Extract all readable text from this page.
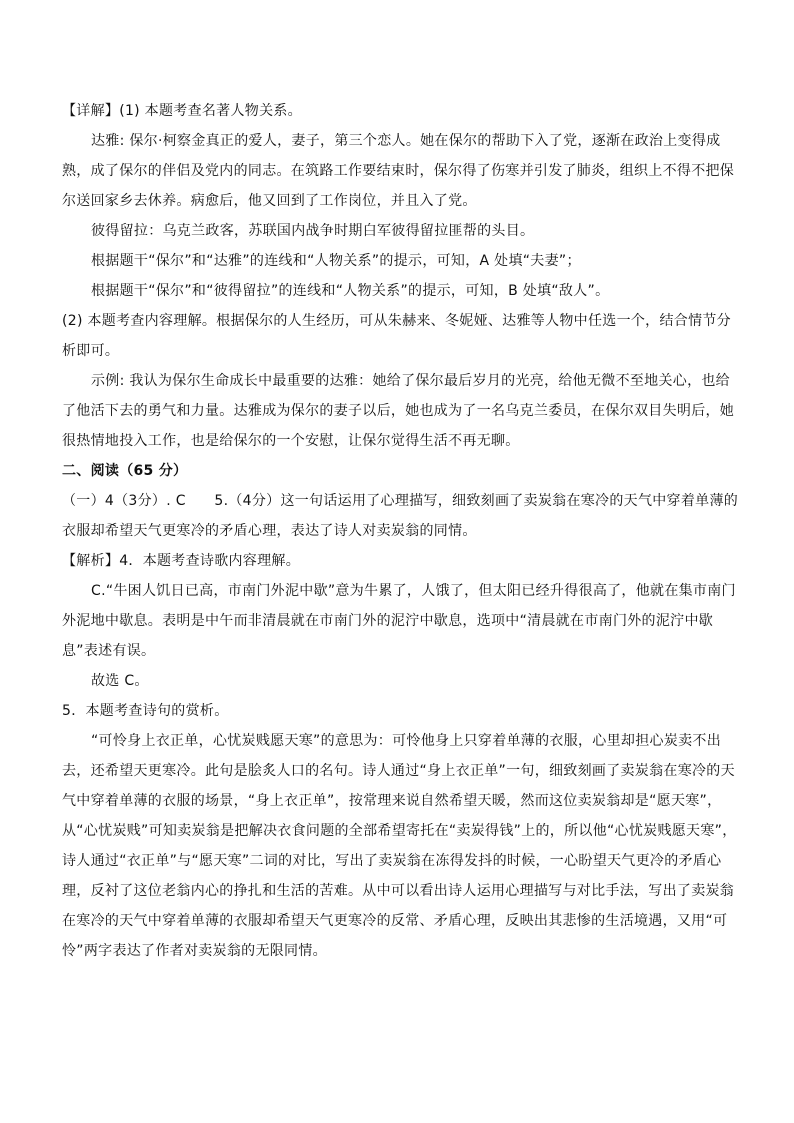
【详解】(1) 本题考查名著人物关系。

达雅: 保尔·柯察金真正的爱人，妻子，第三个恋人。她在保尔的帮助下入了党，逐渐在政治上变得成熟，成了保尔的伴侣及党内的同志。在筑路工作要结束时，保尔得了伤寒并引发了肺炎，组织上不得不把保尔送回家乡去休养。病愈后，他又回到了工作岗位，并且入了党。

彼得留拉：乌克兰政客，苏联国内战争时期白军彼得留拉匪帮的头目。

根据题干“保尔”和“达雅”的连线和“人物关系”的提示，可知，A 处填“夫妻”；

根据题干“保尔”和“彼得留拉”的连线和“人物关系”的提示，可知，B 处填“敌人”。

(2) 本题考查内容理解。根据保尔的人生经历，可从朱赫来、冬妮娅、达雅等人物中任选一个，结合情节分析即可。

示例: 我认为保尔生命成长中最重要的达雅：她给了保尔最后岁月的光亮，给他无微不至地关心，也给了他活下去的勇气和力量。达雅成为保尔的妻子以后，她也成为了一名乌克兰委员，在保尔双目失明后，她很热情地投入工作，也是给保尔的一个安慰，让保尔觉得生活不再无聊。

二、阅读（65 分）

（一）4（3分）. C　　5.（4分）这一句话运用了心理描写，细致刻画了卖炭翁在寒冷的天气中穿着单薄的衣服却希望天气更寒冷的矛盾心理，表达了诗人对卖炭翁的同情。

【解析】4．本题考查诗歌内容理解。

C.“牛困人饥日已高，市南门外泥中歇”意为牛累了，人饿了，但太阳已经升得很高了，他就在集市南门外泥地中歇息。表明是中午而非清晨就在市南门外的泥泞中歇息，选项中“清晨就在市南门外的泥泞中歇息”表述有误。

故选 C。

5．本题考查诗句的赏析。

“可怜身上衣正单，心忧炭贱愿天寒”的意思为：可怜他身上只穿着单薄的衣服，心里却担心炭卖不出去，还希望天更寒冷。此句是脍炙人口的名句。诗人通过“身上衣正单”一句，细致刻画了卖炭翁在寒冷的天气中穿着单薄的衣服的场景，“身上衣正单”，按常理来说自然希望天暖，然而这位卖炭翁却是“愿天寒”，从“心忧炭贱”可知卖炭翁是把解决衣食问题的全部希望寄托在“卖炭得钱”上的，所以他“心忧炭贱愿天寒”，诗人通过“衣正单”与“愿天寒”二词的对比，写出了卖炭翁在冻得发抖的时候，一心盼望天气更冷的矛盾心理，反衬了这位老翁内心的挣扎和生活的苦难。从中可以看出诗人运用心理描写与对比手法，写出了卖炭翁在寒冷的天气中穿着单薄的衣服却希望天气更寒冷的反常、矛盾心理，反映出其悲惨的生活境遇，又用“可怜”两字表达了作者对卖炭翁的无限同情。
